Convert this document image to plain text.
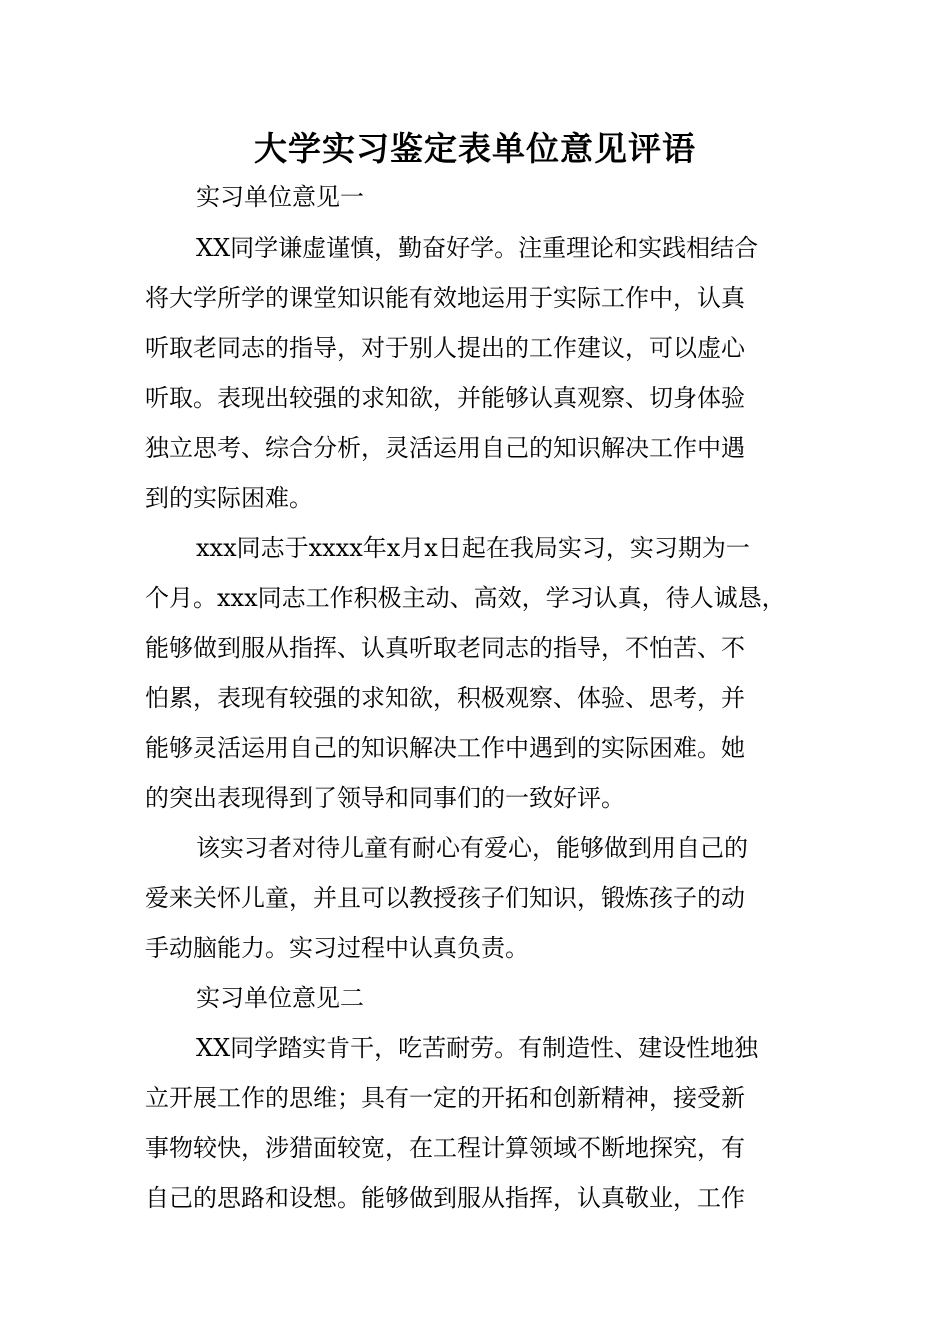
大学实习鉴定表单位意见评语

实习单位意见一

XX同学谦虚谨慎，勤奋好学。注重理论和实践相结合

将大学所学的课堂知识能有效地运用于实际工作中，认真

听取老同志的指导，对于别人提出的工作建议，可以虚心

听取。表现出较强的求知欲，并能够认真观察、切身体验

独立思考、综合分析，灵活运用自己的知识解决工作中遇

到的实际困难。

xxx同志于xxxx年x月x日起在我局实习，实习期为一

个月。xxx同志工作积极主动、高效，学习认真，待人诚恳，

能够做到服从指挥、认真听取老同志的指导，不怕苦、不

怕累，表现有较强的求知欲，积极观察、体验、思考，并

能够灵活运用自己的知识解决工作中遇到的实际困难。她

的突出表现得到了领导和同事们的一致好评。

该实习者对待儿童有耐心有爱心，能够做到用自己的

爱来关怀儿童，并且可以教授孩子们知识，锻炼孩子的动

手动脑能力。实习过程中认真负责。

实习单位意见二

XX同学踏实肯干，吃苦耐劳。有制造性、建设性地独

立开展工作的思维；具有一定的开拓和创新精神，接受新

事物较快，涉猎面较宽，在工程计算领域不断地探究，有

自己的思路和设想。能够做到服从指挥，认真敬业，工作
